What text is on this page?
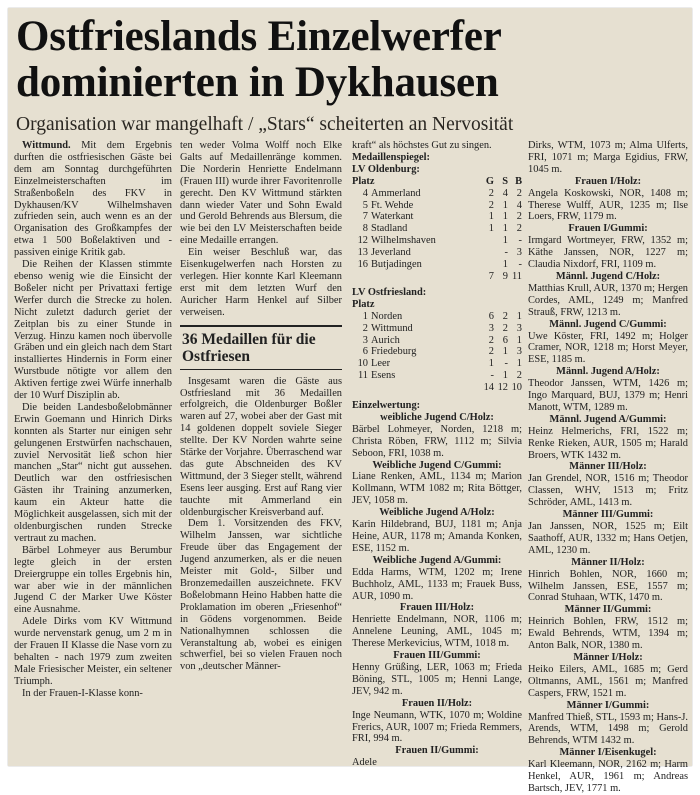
Ostfrieslands Einzelwerfer
dominierten in Dykhausen
Organisation war mangelhaft / „Stars“ scheiterten an Nervosität

Wittmund. Mit dem Ergebnis durften die ostfriesischen Gäste bei dem am Sonntag durchgeführten Einzelmeisterschaften im Straßenboßeln des FKV in Dykhausen/KV Wilhelmshaven zufrieden sein, auch wenn es an der Organisation des Großkampfes der etwa 1 500 Boßelaktiven und -passiven einige Kritik gab.

Die Reihen der Klassen stimmte ebenso wenig wie die Einsicht der Boßeler nicht per Privattaxi fertige Werfer durch die Strecke zu holen. Nicht zuletzt dadurch geriet der Zeitplan bis zu einer Stunde in Verzug. Hinzu kamen noch übervolle Gräben und ein gleich nach dem Start installiertes Hindernis in Form einer Wurstbude nötigte vor allem den Aktiven fertige zwei Würfe innerhalb der 10 Wurf Disziplin ab.

Die beiden Landesboßelobmänner Erwin Goemann und Hinrich Dirks konnten als Starter nur einigen sehr gelungenen Erstwürfen nachschauen, zuviel Nervosität ließ schon hier manchen „Star“ nicht gut aussehen. Deutlich war den ostfriesischen Gästen ihr Training anzumerken, kaum ein Akteur hatte die Möglichkeit ausgelassen, sich mit der oldenburgischen runden Strecke vertraut zu machen.

Bärbel Lohmeyer aus Berumbur legte gleich in der ersten Dreiergruppe ein tolles Ergebnis hin, war aber wie in der männlichen Jugend C der Marker Uwe Köster eine Ausnahme.

Adele Dirks vom KV Wittmund wurde nervenstark genug, um 2 m in der Frauen II Klasse die Nase vorn zu behalten - nach 1979 zum zweiten Male Friesischer Meister, ein seltener Triumph.

In der Frauen-I-Klasse konn-

ten weder Volma Wolff noch Elke Galts auf Medaillenränge kommen. Die Norderin Henriette Endelmann (Frauen III) wurde ihrer Favoritenrolle gerecht. Den KV Wittmund stärkten dann wieder Vater und Sohn Ewald und Gerold Behrends aus Blersum, die wie bei den LV Meisterschaften beide eine Medaille errangen.

Ein weiser Beschluß war, das Eisenkugelwerfen nach Horsten zu verlegen. Hier konnte Karl Kleemann erst mit dem letzten Wurf den Auricher Harm Henkel auf Silber verweisen.

36 Medaillen für die Ostfriesen

Insgesamt waren die Gäste aus Ostfriesland mit 36 Medaillen erfolgreich, die Oldenburger Boßler waren auf 27, wobei aber der Gast mit 14 goldenen doppelt soviele Sieger stellte. Der KV Norden wahrte seine Stärke der Vorjahre. Überraschend war das gute Abschneiden des KV Wittmund, der 3 Sieger stellt, während Esens leer ausging. Erst auf Rang vier tauchte mit Ammerland ein oldenburgischer Kreisverband auf.

Dem 1. Vorsitzenden des FKV, Wilhelm Janssen, war sichtliche Freude über das Engagement der Jugend anzumerken, als er die neuen Meister mit Gold-, Silber und Bronzemedaillen auszeichnete. FKV Boßelobmann Heino Habben hatte die Proklamation im oberen „Friesenhof“ in Gödens vorgenommen. Beide Nationalhymnen schlossen die Veranstaltung ab, wobei es einigen schwerfiel, bei so vielen Frauen noch von „deutscher Männer-

kraft“ als höchstes Gut zu singen.

Medaillenspiegel:
LV Oldenburg:
Platz		G	S	B
4	Ammerland	2	4	2
5	Ft. Wehde	2	1	4
7	Waterkant	1	1	2
8	Stadland	1	1	2
12	Wilhelmshaven		1	-
13	Jeverland		-	3
16	Butjadingen		1	-
		7	9	11
LV Ostfriesland:
Platz				
1	Norden	6	2	1
2	Wittmund	3	2	3
3	Aurich	2	6	1
6	Friedeburg	2	1	3
10	Leer	1	-	1
11	Esens	-	1	2
		14	12	10
Einzelwertung:
weibliche Jugend C/Holz:

Bärbel Lohmeyer, Norden, 1218 m; Christa Röben, FRW, 1112 m; Silvia Seboon, FRI, 1038 m.

Weibliche Jugend C/Gummi:

Liane Renken, AML, 1134 m; Marion Kollmann, WTM 1082 m; Rita Böttger, JEV, 1058 m.

Weibliche Jugend A/Holz:

Karin Hildebrand, BUJ, 1181 m; Anja Heine, AUR, 1178 m; Amanda Konken, ESE, 1152 m.

Weibliche Jugend A/Gummi:

Edda Harms, WTM, 1202 m; Irene Buchholz, AML, 1133 m; Frauek Buss, AUR, 1090 m.

Frauen III/Holz:

Henriette Endelmann, NOR, 1106 m; Annelene Leuning, AML, 1045 m; Therese Merkevicius, WTM, 1018 m.

Frauen III/Gummi:

Henny Grüßing, LER, 1063 m; Frieda Böning, STL, 1005 m; Henni Lange, JEV, 942 m.

Frauen II/Holz:

Inge Neumann, WTK, 1070 m; Woldine Frerics, AUR, 1007 m; Frieda Remmers, FRI, 994 m.

Frauen II/Gummi:

Adele

Dirks, WTM, 1073 m; Alma Ulferts, FRI, 1071 m; Marga Egidius, FRW, 1045 m.

Frauen I/Holz:

Angela Koskowski, NOR, 1408 m; Therese Wulff, AUR, 1235 m; Ilse Loers, FRW, 1179 m.

Frauen I/Gummi:

Irmgard Wortmeyer, FRW, 1352 m; Käthe Janssen, NOR, 1227 m; Claudia Nixdorf, FRI, 1109 m.

Männl. Jugend C/Holz:

Matthias Krull, AUR, 1370 m; Hergen Cordes, AML, 1249 m; Manfred Strauß, FRW, 1213 m.

Männl. Jugend C/Gummi:

Uwe Köster, FRI, 1492 m; Holger Cramer, NOR, 1218 m; Horst Meyer, ESE, 1185 m.

Männl. Jugend A/Holz:

Theodor Janssen, WTM, 1426 m; Ingo Marquard, BUJ, 1379 m; Henri Manott, WTM, 1289 m.

Männl. Jugend A/Gummi:

Heinz Helmerichs, FRI, 1522 m; Renke Rieken, AUR, 1505 m; Harald Broers, WTK 1432 m.

Männer III/Holz:

Jan Grendel, NOR, 1516 m; Theodor Classen, WHV, 1513 m; Fritz Schröder, AML, 1413 m.

Männer III/Gummi:

Jan Janssen, NOR, 1525 m; Eilt Saathoff, AUR, 1332 m; Hans Oetjen, AML, 1230 m.

Männer II/Holz:

Hinrich Bohlen, NOR, 1660 m; Wilhelm Janssen, ESE, 1557 m; Conrad Stuhaan, WTK, 1470 m.

Männer II/Gummi:

Heinrich Bohlen, FRW, 1512 m; Ewald Behrends, WTM, 1394 m; Anton Balk, NOR, 1380 m.

Männer I/Holz:

Heiko Eilers, AML, 1685 m; Gerd Oltmanns, AML, 1561 m; Manfred Caspers, FRW, 1521 m.

Männer I/Gummi:

Manfred Thieß, STL, 1593 m; Hans-J. Arends, WTM, 1498 m; Gerold Behrends, WTM 1432 m.

Männer I/Eisenkugel:

Karl Kleemann, NOR, 2162 m; Harm Henkel, AUR, 1961 m; Andreas Bartsch, JEV, 1771 m.
